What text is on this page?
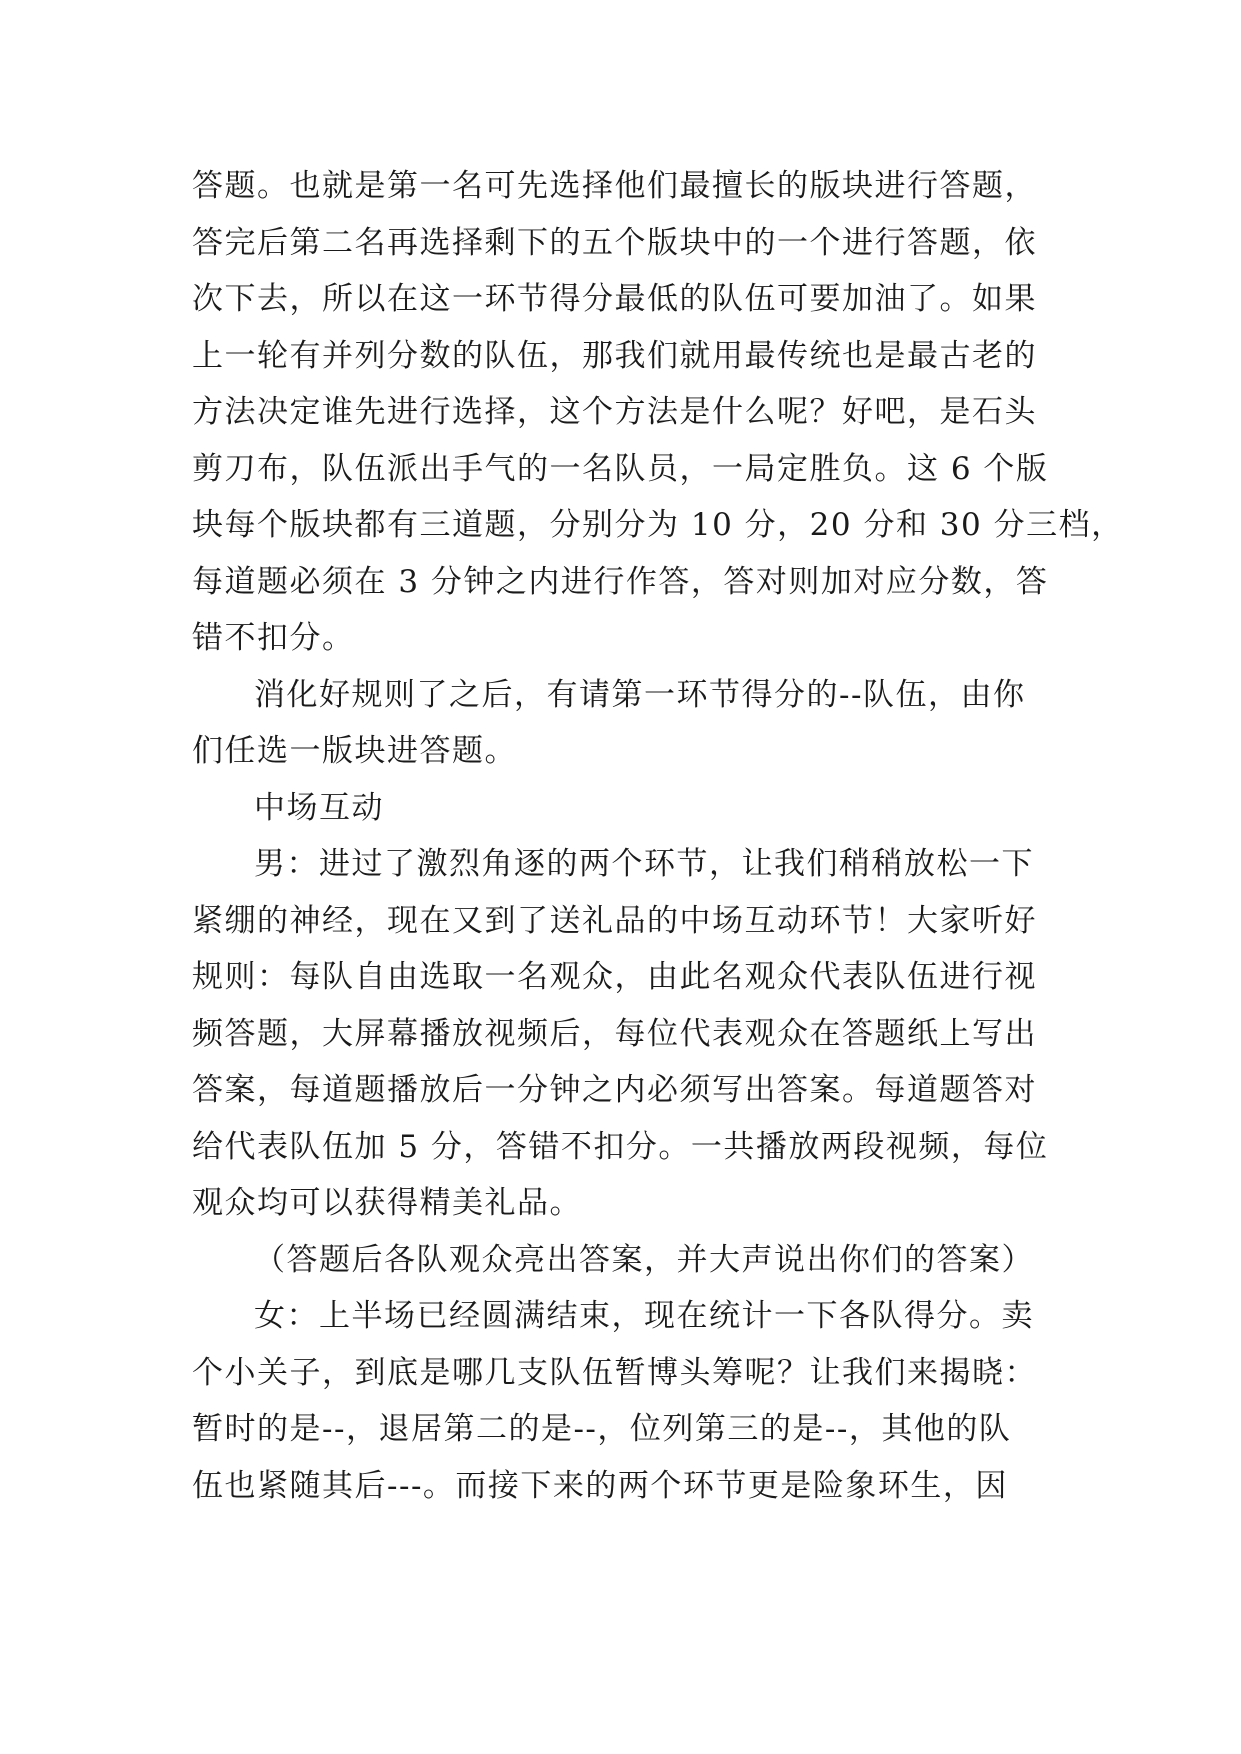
答题。也就是第一名可先选择他们最擅长的版块进行答题，
答完后第二名再选择剩下的五个版块中的一个进行答题，依
次下去，所以在这一环节得分最低的队伍可要加油了。如果
上一轮有并列分数的队伍，那我们就用最传统也是最古老的
方法决定谁先进行选择，这个方法是什么呢？好吧，是石头
剪刀布，队伍派出手气的一名队员，一局定胜负。这 6 个版
块每个版块都有三道题，分别分为 10 分，20 分和 30 分三档，
每道题必须在 3 分钟之内进行作答，答对则加对应分数，答
错不扣分。
消化好规则了之后，有请第一环节得分的--队伍，由你
们任选一版块进答题。
中场互动
男：进过了激烈角逐的两个环节，让我们稍稍放松一下
紧绷的神经，现在又到了送礼品的中场互动环节！大家听好
规则：每队自由选取一名观众，由此名观众代表队伍进行视
频答题，大屏幕播放视频后，每位代表观众在答题纸上写出
答案，每道题播放后一分钟之内必须写出答案。每道题答对
给代表队伍加 5 分，答错不扣分。一共播放两段视频，每位
观众均可以获得精美礼品。
（答题后各队观众亮出答案，并大声说出你们的答案）
女：上半场已经圆满结束，现在统计一下各队得分。卖
个小关子，到底是哪几支队伍暂博头筹呢？让我们来揭晓：
暂时的是--，退居第二的是--，位列第三的是--，其他的队
伍也紧随其后---。而接下来的两个环节更是险象环生，因
